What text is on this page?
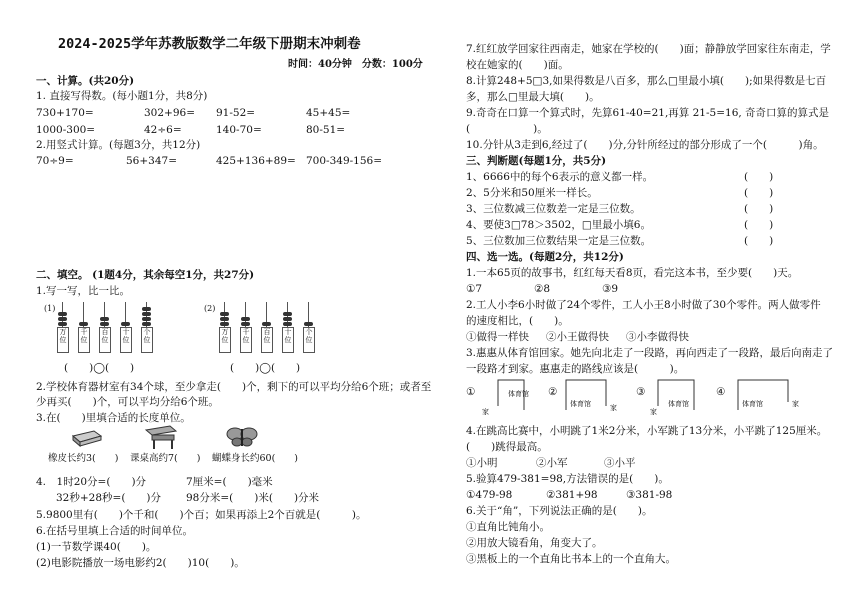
2024-2025学年苏教版数学二年级下册期末冲刺卷
时间：40分钟　分数：100分
一、计算。(共20分)
1. 直接写得数。(每小题1分，共8分)
730+170=	302+96= 91-52=	45+45=
1000-300=	42÷6=	140-70=	80-51=
2.用竖式计算。(每题3分，共12分)
70÷9=	56+347=	425+136+89= 700-349-156=
二、填空。 (1题4分，其余每空1分，共27分)
1.写一写，比一比。
(1)
万位
千位
百位
十位
个位
(2)
万位
千位
百位
十位
个位
(　　)◯(　　)	(　　)◯(　　)
2.学校体育器材室有34个球，至少拿走(　　)个，剩下的可以平均分给6个班；或者至
少再买(　　)个，可以平均分给6个班。
3.在(　　)里填合适的长度单位。
橡皮长约3(　　) 课桌高约7(　　) 蝴蝶身长约60(　　)
4.　1时20分=(　　)分	7厘米=(　　)毫米
32秒+28秒=(　　)分 98分米=(　　)米(　　)分米
5.9800里有(　　)个千和(　　)个百；如果再添上2个百就是(　　　)。
6.在括号里填上合适的时间单位。
(1)一节数学课40(　　)。
(2)电影院播放一场电影约2(　　)10(　　)。
7.红红放学回家往西南走，她家在学校的(　　)面；静静放学回家往东南走，学
校在她家的(　　)面。
8.计算248+5□3,如果得数是八百多，那么□里最小填(　　);如果得数是七百
多，那么□里最大填(　　)。
9.奇奇在口算一个算式时，先算61-40=21,再算 21-5=16, 奇奇口算的算式是
(　　　　　　)。
10.分针从3走到6,经过了(　　)分,分针所经过的部分形成了一个(　　　)角。
三、判断题(每题1分，共5分)
1、6666中的每个6表示的意义都一样。	(　　)
2、5分米和50厘米一样长。	(　　)
3、三位数减三位数差一定是三位数。	(　　)
4、要使3□78＞3502，□里最小填6。	(　　)
5、三位数加三位数结果一定是三位数。	(　　)
四、选一选。(每题2分，共12分)
1.一本65页的故事书，红红每天看8页，看完这本书，至少要(　　)天。
①7	②8	③9
2.工人小李6小时做了24个零件，工人小王8小时做了30个零件。两人做零件
的速度相比，(　　)。
①做得一样快 ②小王做得快 ③小李做得快
3.惠惠从体育馆回家。她先向北走了一段路，再向西走了一段路，最后向南走了
一段路才到家。惠惠走的路线应该是(　　　)。
①
家
体育馆 ②
体育馆	家
③
家
体育馆
④
体育馆	家
4.在跳高比赛中，小明跳了1米2分米，小军跳了13分米，小平跳了125厘米。
(　　)跳得最高。
①小明	②小军	③小平
5.验算479-381=98,方法错误的是(　　)。
①479-98	②381+98	③381-98
6.关于“角”，下列说法正确的是(　　)。
①直角比钝角小。
②用放大镜看角，角变大了。
③黑板上的一个直角比书本上的一个直角大。
